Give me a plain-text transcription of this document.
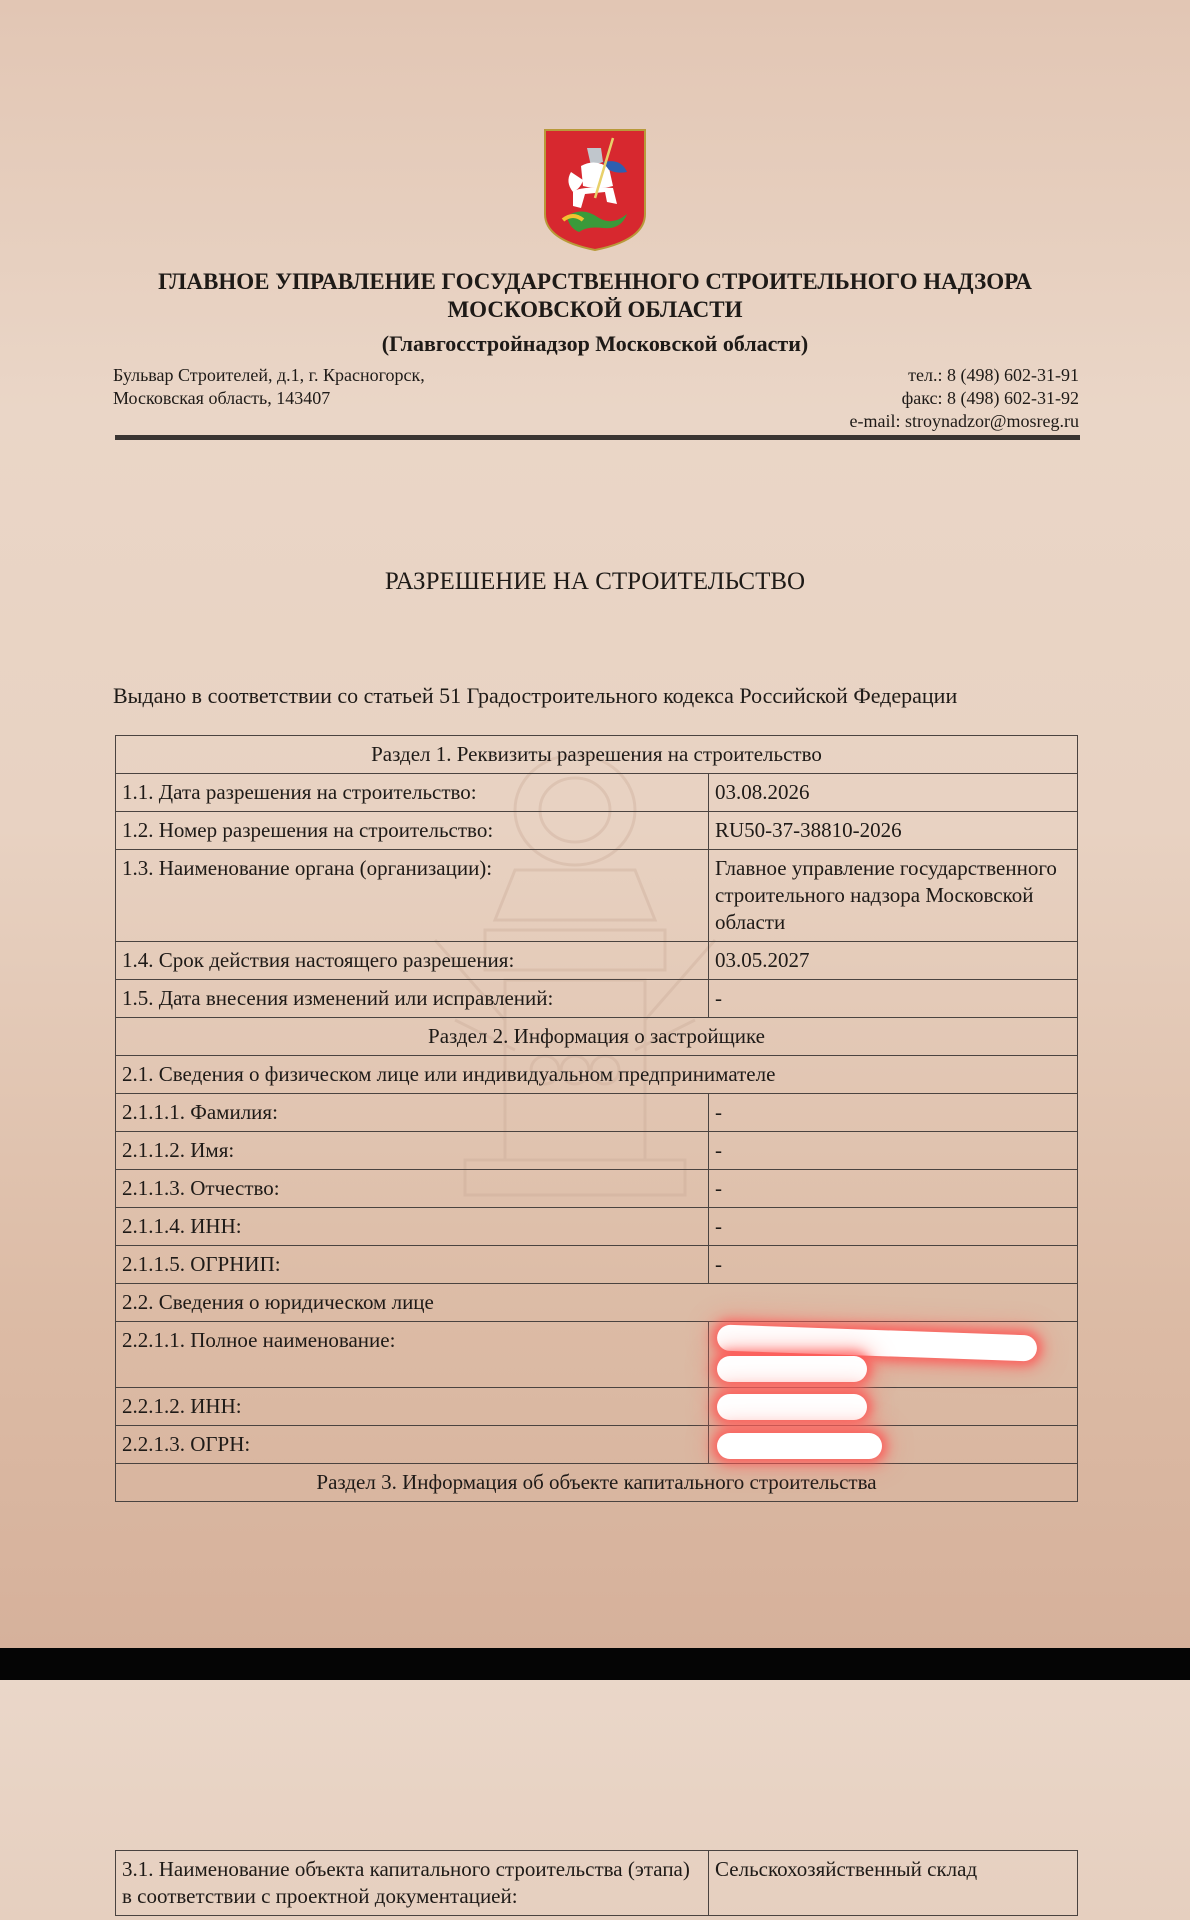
ГЛАВНОЕ УПРАВЛЕНИЕ ГОСУДАРСТВЕННОГО СТРОИТЕЛЬНОГО НАДЗОРА
МОСКОВСКОЙ ОБЛАСТИ
(Главгосстройнадзор Московской области)
Бульвар Строителей, д.1, г. Красногорск,
Московская область, 143407
тел.: 8 (498) 602-31-91
факс: 8 (498) 602-31-92
e-mail: stroynadzor@mosreg.ru
РАЗРЕШЕНИЕ НА СТРОИТЕЛЬСТВО
Выдано в соответствии со статьей 51 Градостроительного кодекса Российской Федерации
Раздел 1. Реквизиты разрешения на строительство	
1.1. Дата разрешения на строительство:	03.08.2026
1.2. Номер разрешения на строительство:	RU50-37-38810-2026
1.3. Наименование органа (организации):	Главное управление государственного строительного надзора Московской области
1.4. Срок действия настоящего разрешения:	03.05.2027
1.5. Дата внесения изменений или исправлений:	-
Раздел 2. Информация о застройщике	
2.1. Сведения о физическом лице или индивидуальном предпринимателе	
2.1.1.1. Фамилия:	-
2.1.1.2. Имя:	-
2.1.1.3. Отчество:	-
2.1.1.4. ИНН:	-
2.1.1.5. ОГРНИП:	-
2.2. Сведения о юридическом лице	
2.2.1.1. Полное наименование:	

2.2.1.2. ИНН:	

2.2.1.3. ОГРН:	

Раздел 3. Информация об объекте капитального строительства	
3.1. Наименование объекта капитального строительства (этапа) в соответствии с проектной документацией:	Сельскохозяйственный склад
